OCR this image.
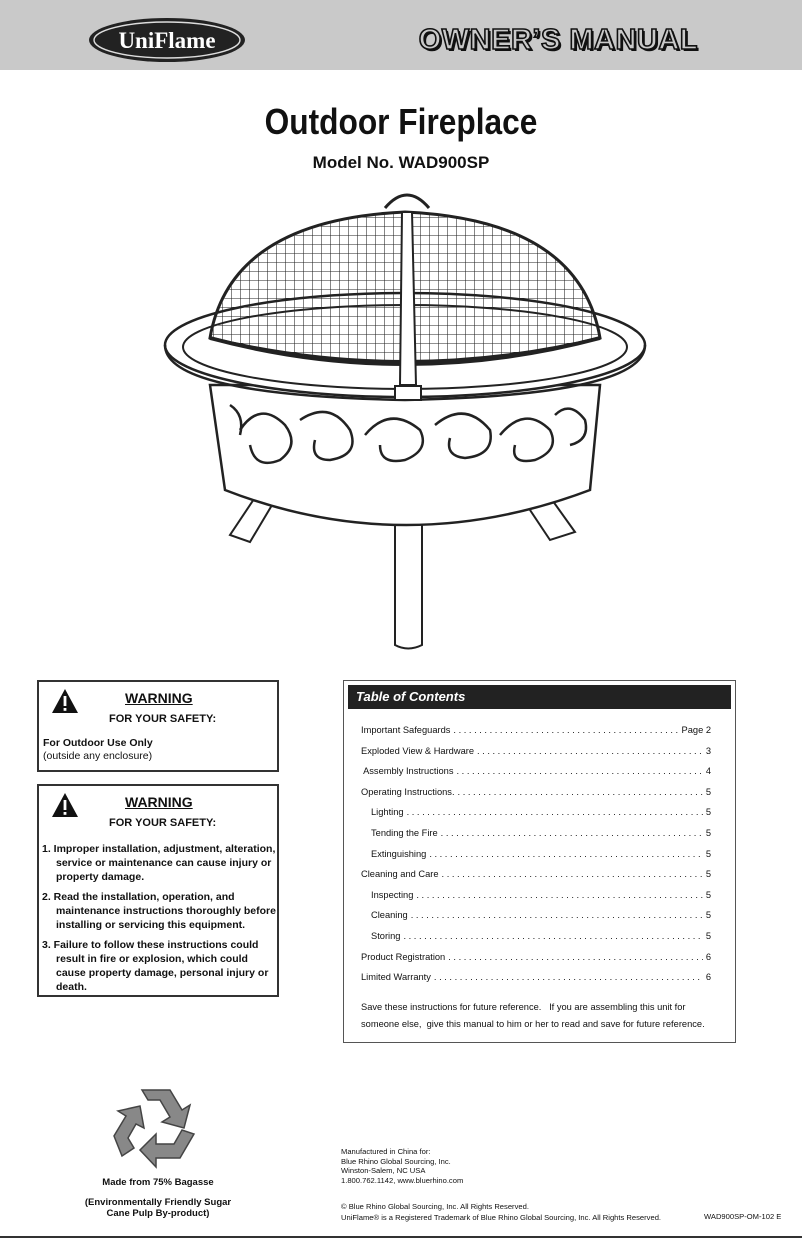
UniFlame	OWNER’S MANUAL
Outdoor Fireplace
Model No. WAD900SP
WARNING
FOR YOUR SAFETY:
For Outdoor Use Only
(outside any enclosure)
WARNING
FOR YOUR SAFETY:
1. Improper installation, adjustment, alteration, service or maintenance can cause injury or property damage.
2. Read the installation, operation, and maintenance instructions thoroughly before installing or servicing this equipment.
3. Failure to follow these instructions could result in fire or explosion, which could cause property damage, personal injury or death.
Table of Contents
Important Safeguards . . .	Page 2
Exploded View & Hardware . . .	3
Assembly Instructions . . .	4
Operating Instructions. . . .	5
Lighting . . .	5
Tending the Fire . . .	5
Extinguishing . . .	5
Cleaning and Care . . .	5
Inspecting . . .	5
Cleaning . . .	5
Storing . . .	5
Product Registration . . .	6
Limited Warranty . . .	6
Save these instructions for future reference.   If you are assembling this unit for someone else,  give this manual to him or her to read and save for future reference.
Made from 75% Bagasse
(Environmentally Friendly Sugar
Cane Pulp By-product)
Manufactured in China for:
Blue Rhino Global Sourcing, Inc.
Winston-Salem, NC USA
1.800.762.1142, www.bluerhino.com
© Blue Rhino Global Sourcing, Inc. All Rights Reserved.
UniFlame® is a Registered Trademark of Blue Rhino Global Sourcing, Inc. All Rights Reserved.	WAD900SP-OM-102 E
